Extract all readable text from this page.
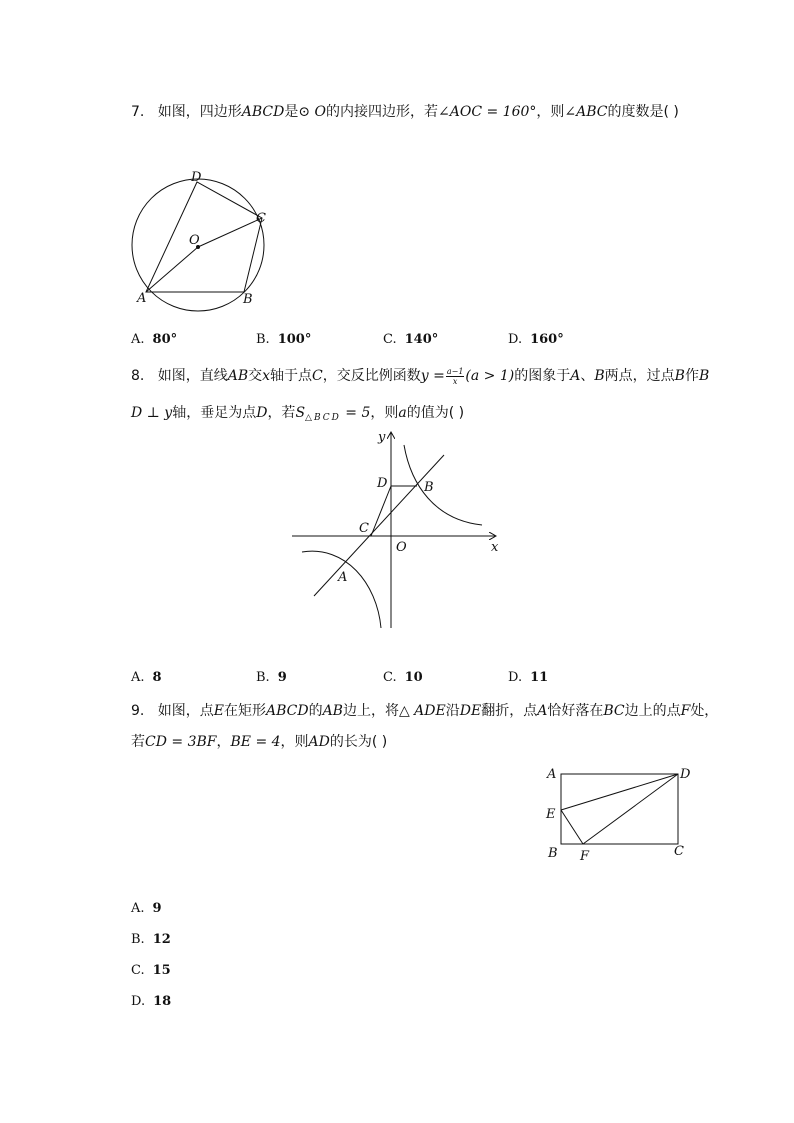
7. 如图，四边形ABCD是⊙ O的内接四边形，若∠AOC = 160°，则∠ABC的度数是( )
D
C
O
A	B
A. 80°	B. 100°	C. 140°	D. 160°
8. 如图，直线AB交x轴于点C，交反比例函数$y = \frac{a-1}{x} (a > 1)$的图象于A、B两点，过点B作B
D ⊥ y轴，垂足为点D，若$S_{\triangle BCD} = 5$，则a的值为( )
y
x
O
D	B
C
A
A. 8	B. 9	C. 10	D. 11
9. 如图，点E在矩形ABCD的AB边上，将△ ADE沿DE翻折，点A恰好落在BC边上的点F处，
若CD = 3BF，BE = 4，则AD的长为( )
A	D
E
B F	C
A. 9
B. 12
C. 15
D. 18
